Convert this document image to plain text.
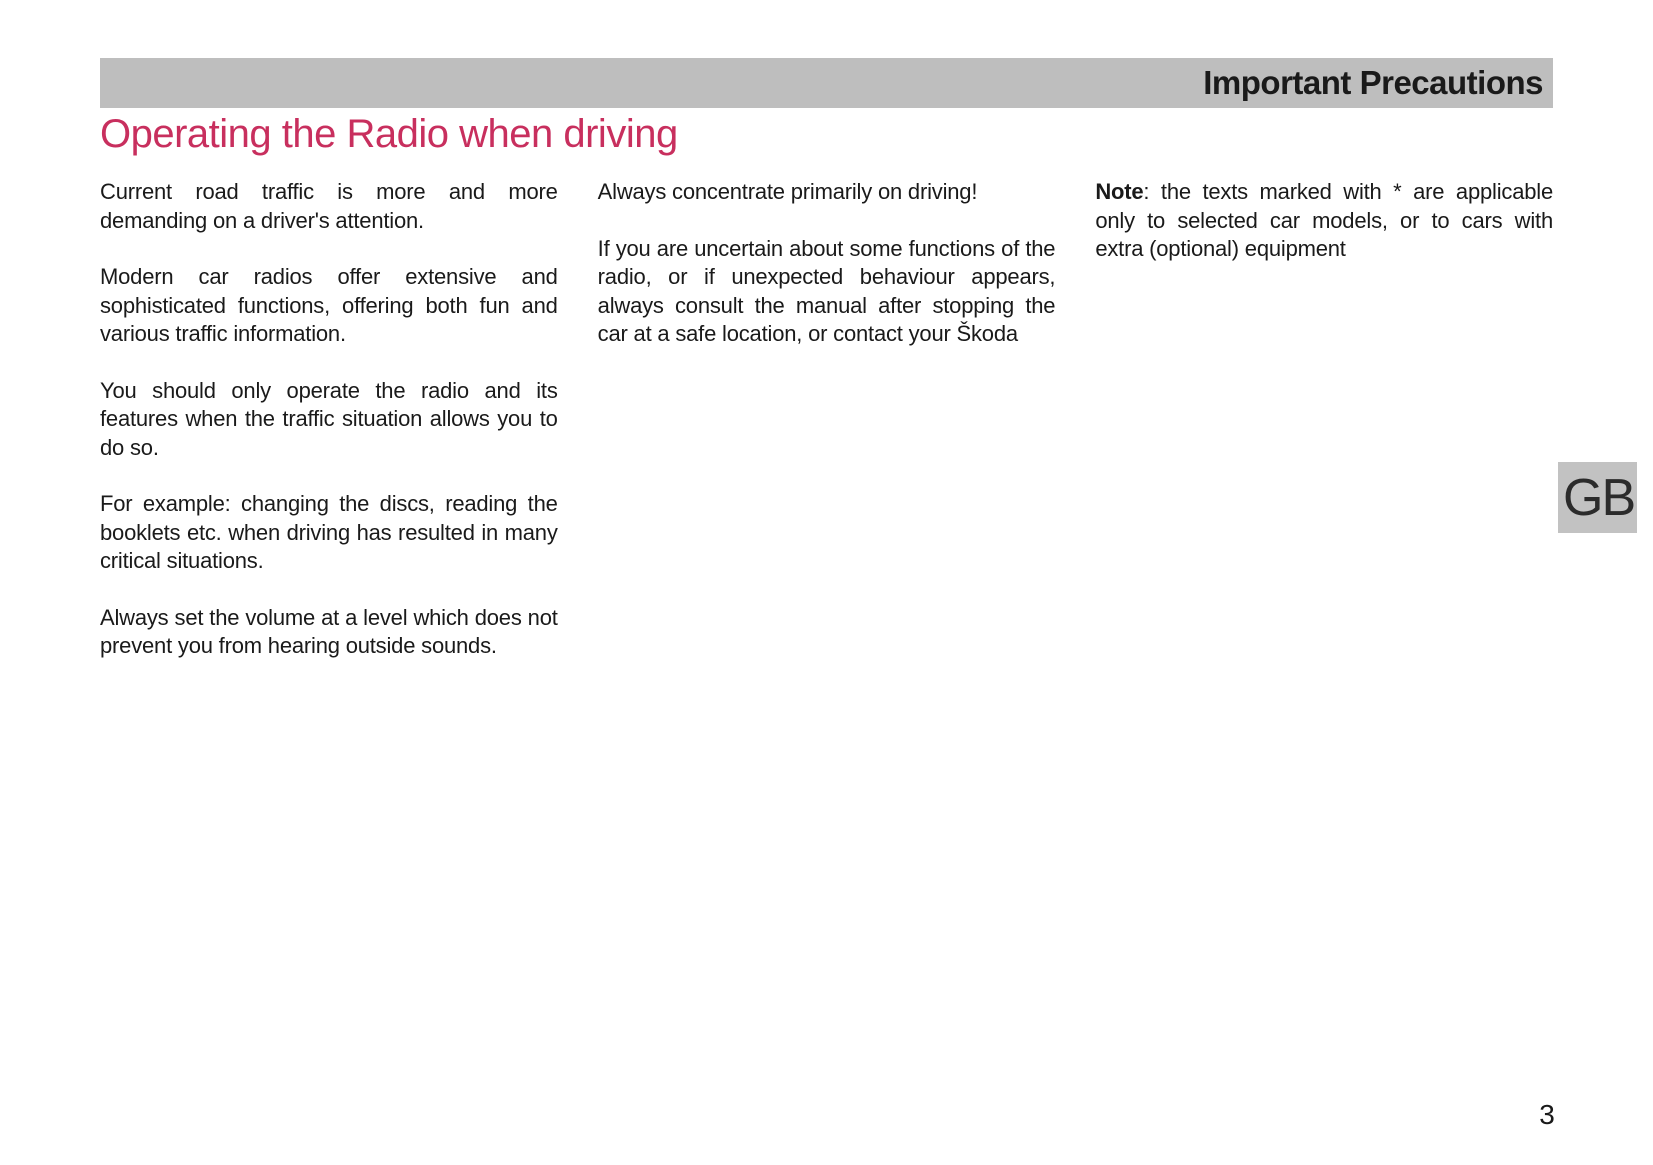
Important Precautions
Operating the Radio when driving

Current road traffic is more and more demanding on a driver's attention.

Modern car radios offer extensive and sophisticated functions, offering both fun and various traffic information.

You should only operate the radio and its features when the traffic situation allows you to do so.

For example: changing the discs, reading the booklets etc. when driving has resulted in many critical situations.

Always set the volume at a level which does not prevent you from hearing outside sounds.

Always concentrate primarily on driving!

If you are uncertain about some functions of the radio, or if unexpected behaviour appears, always consult the manual after stopping the car at a safe location, or contact your Škoda

Note: the texts marked with * are applicable only to selected car models, or to cars with extra (optional) equipment

GB
3
